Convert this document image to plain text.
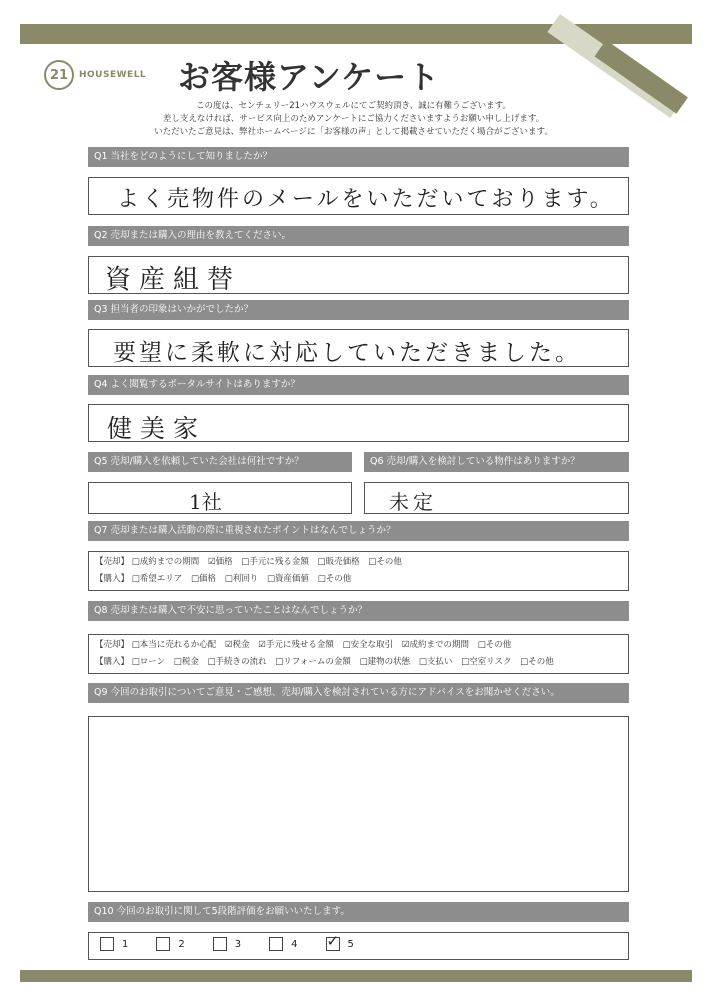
21	HOUSEWELL お客様アンケート
この度は、センチュリー21ハウスウェルにてご契約頂き、誠に有難うございます。
差し支えなければ、サービス向上のためアンケートにご協力くださいますようお願い申し上げます。
いただいたご意見は、弊社ホームページに「お客様の声」として掲載させていただく場合がございます。
Q1 当社をどのようにして知りましたか？
よく売物件のメールをいただいております。
Q2 売却または購入の理由を教えてください。
資産組替
Q3 担当者の印象はいかがでしたか？
要望に柔軟に対応していただきました。
Q4 よく閲覧するポータルサイトはありますか？
健美家
Q5 売却/購入を依頼していた会社は何社ですか？	Q6 売却/購入を検討している物件はありますか？
1社	未定
Q7 売却または購入活動の際に重視されたポイントはなんでしょうか？
【売却】 □成約までの期間 ☑価格 □手元に残る金額 □販売価格 □その他
【購入】 □希望エリア □価格 □利回り □資産価値 □その他
Q8 売却または購入で不安に思っていたことはなんでしょうか？
【売却】 □本当に売れるか心配 ☑税金 ☑手元に残せる金額 □安全な取引 ☑成約までの期間 □その他
【購入】 □ローン □税金 □手続きの流れ □リフォームの金額 □建物の状態 □支払い □空室リスク □その他
Q9 今回のお取引についてご意見・ご感想、売却/購入を検討されている方にアドバイスをお聞かせください。
Q10 今回のお取引に関して5段階評価をお願いいたします。
1	2	3	4
✓	5
